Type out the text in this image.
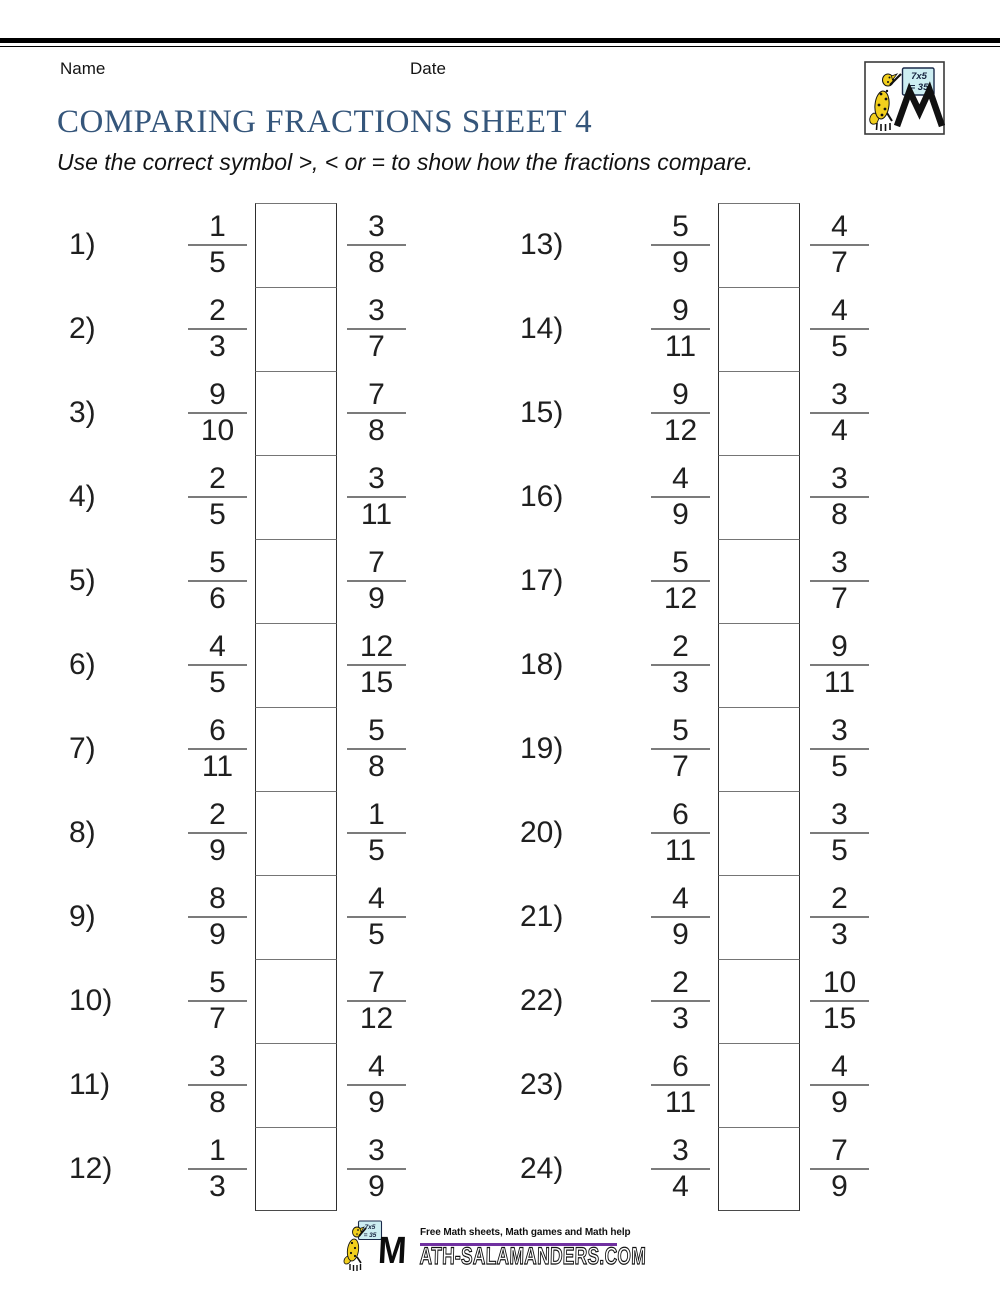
Name	Date	7x5
= 35
COMPARING FRACTIONS SHEET 4
Use the correct symbol >, < or = to show how the fractions compare.
1)
1
5
3
8
2)
2
3
3
7
3)
9
10
7
8
4)
2
5
3
11
5)
5
6
7
9
6)
4
5
12
15
7)
6
11
5
8
8)
2
9
1
5
9)
8
9
4
5
10)
5
7
7
12
11)
3
8
4
9
12)
1
3
3
9
13)
5
9
4
7
14)
9
11
4
5
15)
9
12
3
4
16)
4
9
3
8
17)
5
12
3
7
18)
2
3
9
11
19)
5
7
3
5
20)
6
11
3
5
21)
4
9
2
3
22)
2
3
10
15
23)
6
11
4
9
24)
3
4
7
9
7x5
= 35 M Free Math sheets, Math games and Math help
ATH-SALAMANDERS.COM
